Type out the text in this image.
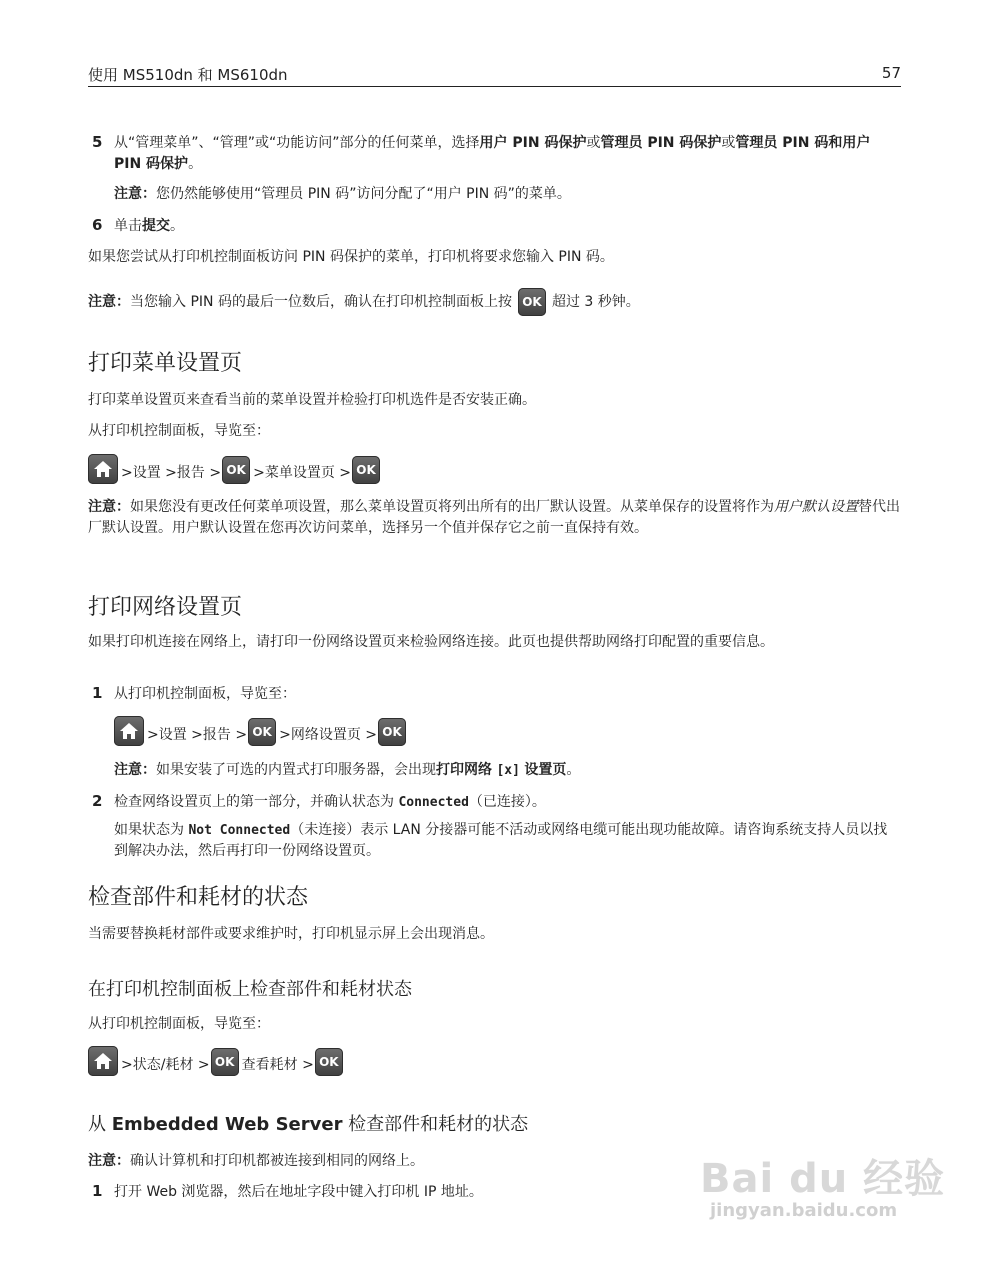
使用 MS510dn 和 MS610dn	57
5 从“管理菜单”、“管理”或“功能访问”部分的任何菜单，选择用户 PIN 码保护或管理员 PIN 码保护或管理员 PIN 码和用户 PIN 码保护。
注意：您仍然能够使用“管理员 PIN 码”访问分配了“用户 PIN 码”的菜单。
6 单击提交。
如果您尝试从打印机控制面板访问 PIN 码保护的菜单，打印机将要求您输入 PIN 码。
注意： 当您输入 PIN 码的最后一位数后，确认在打印机控制面板上按 OK 超过 3 秒钟。
打印菜单设置页
打印菜单设置页来查看当前的菜单设置并检验打印机选件是否安装正确。
从打印机控制面板，导览至：
>设置 >报告 > OK >菜单设置页 > OK
注意：如果您没有更改任何菜单项设置，那么菜单设置页将列出所有的出厂默认设置。从菜单保存的设置将作为用户默认设置替代出厂默认设置。用户默认设置在您再次访问菜单，选择另一个值并保存它之前一直保持有效。
打印网络设置页
如果打印机连接在网络上，请打印一份网络设置页来检验网络连接。此页也提供帮助网络打印配置的重要信息。
1 从打印机控制面板，导览至：
>设置 >报告 > OK >网络设置页 > OK
注意：如果安装了可选的内置式打印服务器，会出现打印网络 [x] 设置页。
2 检查网络设置页上的第一部分，并确认状态为 Connected（已连接）。
如果状态为 Not Connected（未连接）表示 LAN 分接器可能不活动或网络电缆可能出现功能故障。请咨询系统支持人员以找到解决办法，然后再打印一份网络设置页。
检查部件和耗材的状态
当需要替换耗材部件或要求维护时，打印机显示屏上会出现消息。
在打印机控制面板上检查部件和耗材状态
从打印机控制面板，导览至：
>状态/耗材 > OK 查看耗材 > OK
从 Embedded Web Server 检查部件和耗材的状态
注意：确认计算机和打印机都被连接到相同的网络上。
1 打开 Web 浏览器，然后在地址字段中键入打印机 IP 地址。	Bai du 经验
jingyan.baidu.com
